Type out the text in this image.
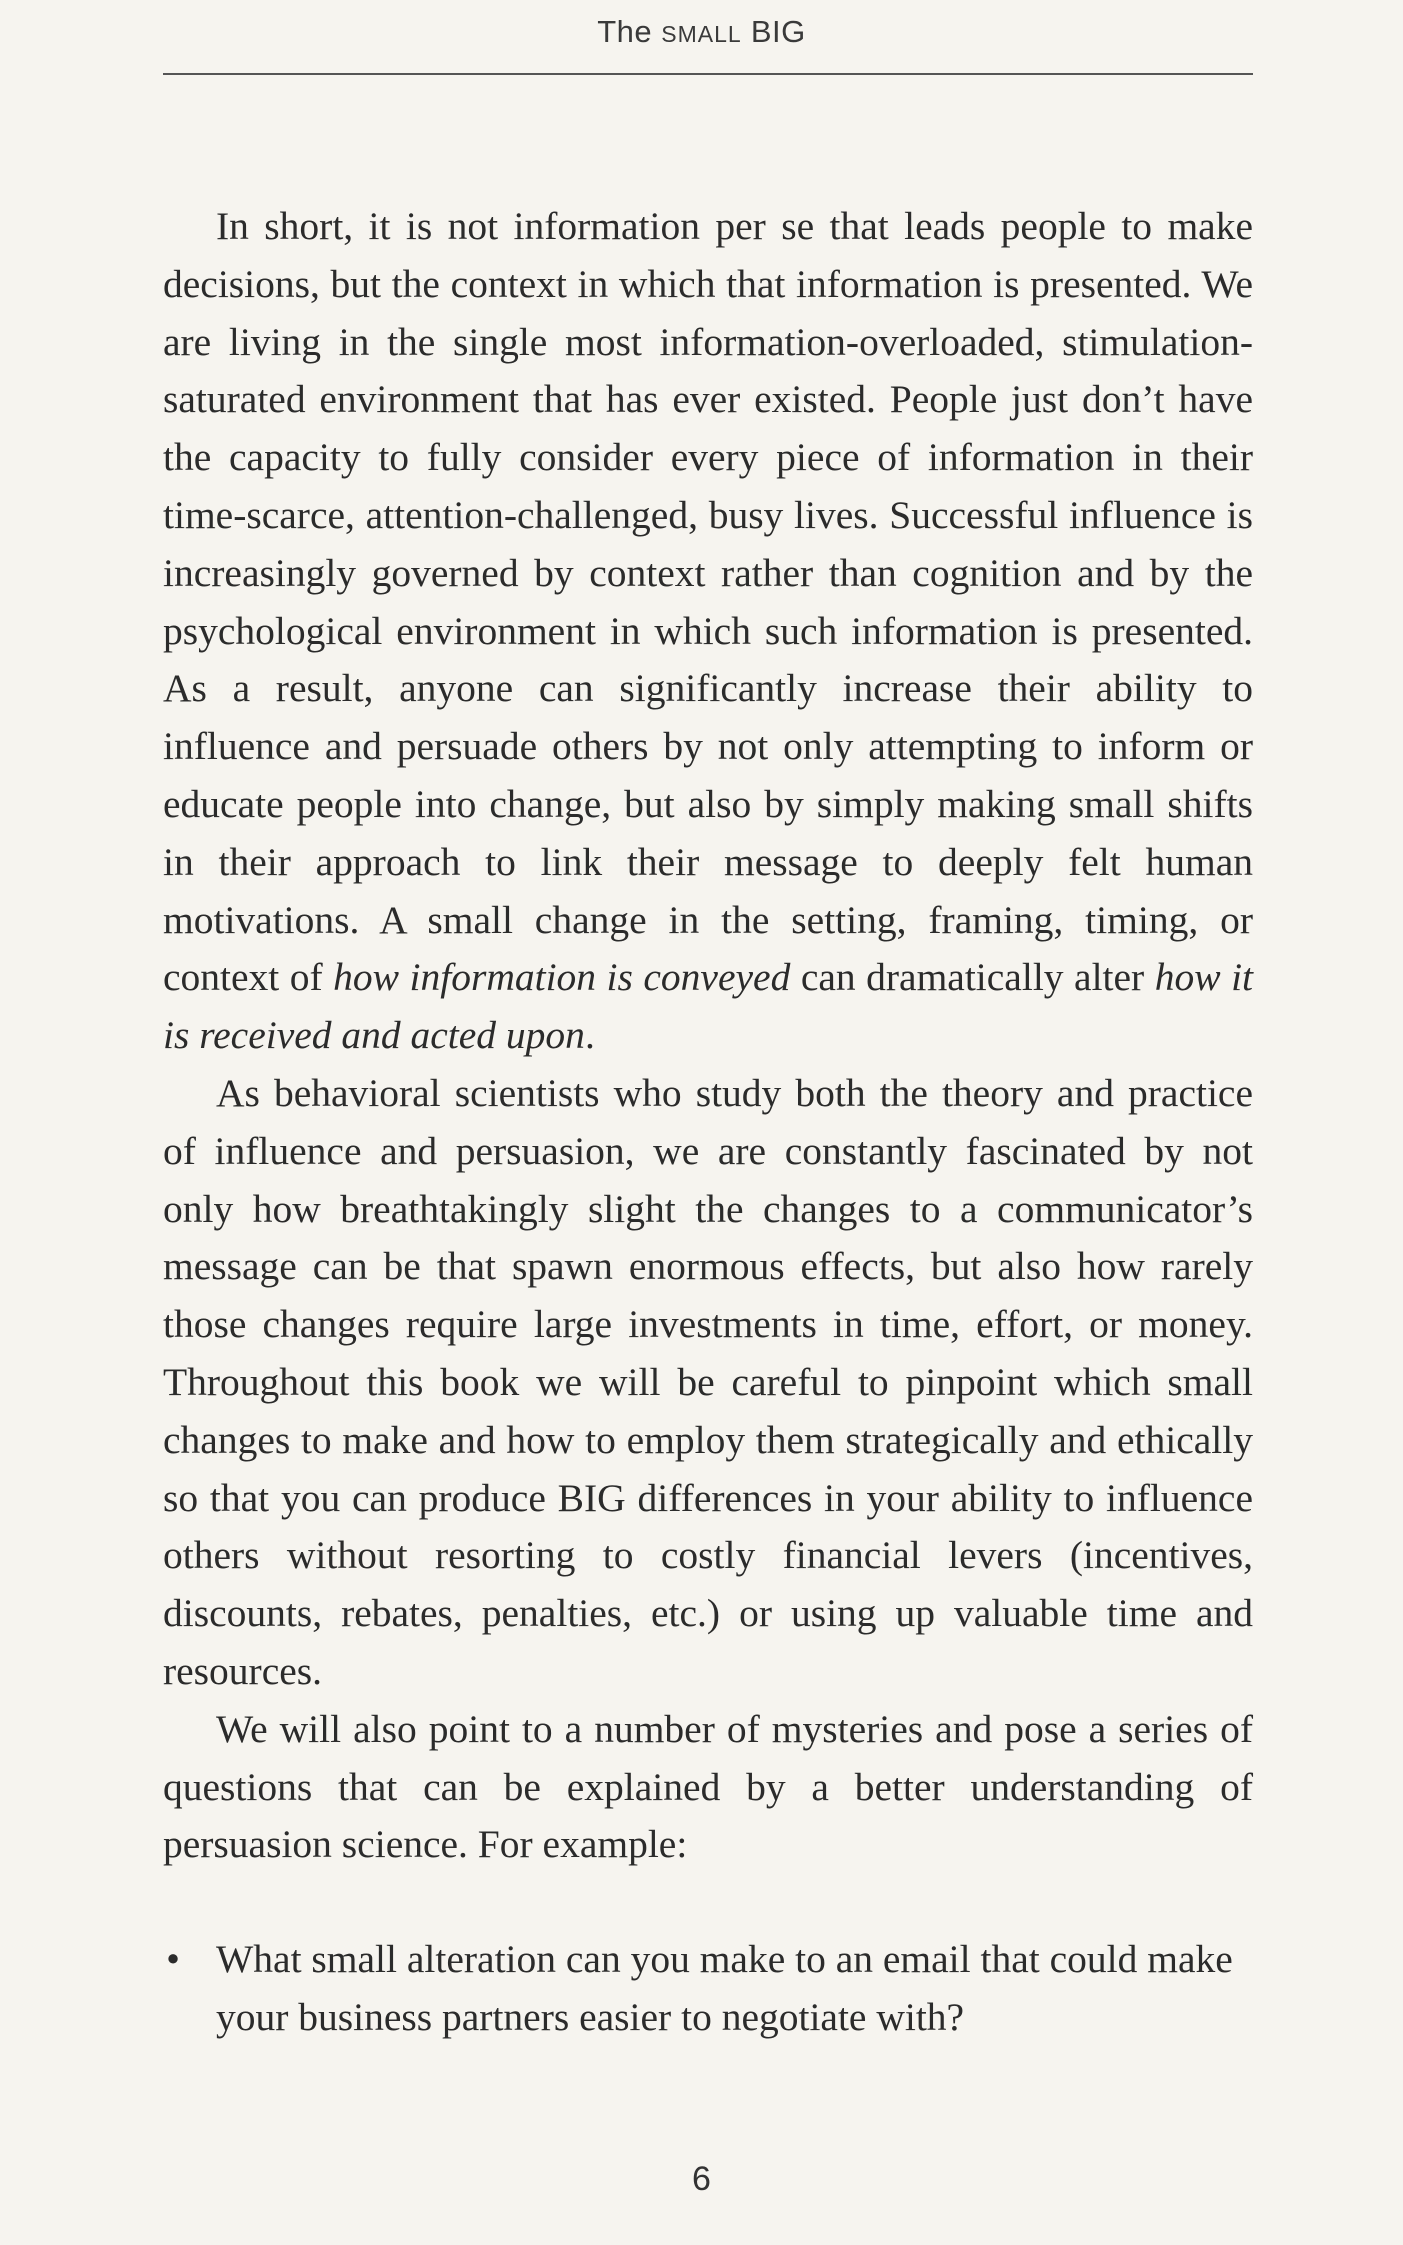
The SMALL BIG

In short, it is not information per se that leads people to make decisions, but the context in which that information is presented. We are living in the single most information-overloaded, stimulation-saturated environment that has ever existed. People just don’t have the capacity to fully consider every piece of information in their time-scarce, attention-challenged, busy lives. Successful influence is increasingly governed by context rather than cognition and by the psychological environment in which such information is presented. As a result, anyone can significantly increase their ability to influence and persuade others by not only attempting to inform or educate people into change, but also by simply making small shifts in their approach to link their message to deeply felt human motivations. A small change in the setting, framing, timing, or context of how information is conveyed can dramatically alter how it is received and acted upon.

As behavioral scientists who study both the theory and practice of influence and persuasion, we are constantly fascinated by not only how breathtakingly slight the changes to a communicator’s message can be that spawn enormous effects, but also how rarely those changes require large investments in time, effort, or money. Throughout this book we will be careful to pinpoint which small changes to make and how to employ them strategically and ethically so that you can produce BIG differences in your ability to influence others without resorting to costly financial levers (incentives, discounts, rebates, penalties, etc.) or using up valuable time and resources.

We will also point to a number of mysteries and pose a series of questions that can be explained by a better understanding of persuasion science. For example:

• What small alteration can you make to an email that could make your business partners easier to negotiate with?
6
